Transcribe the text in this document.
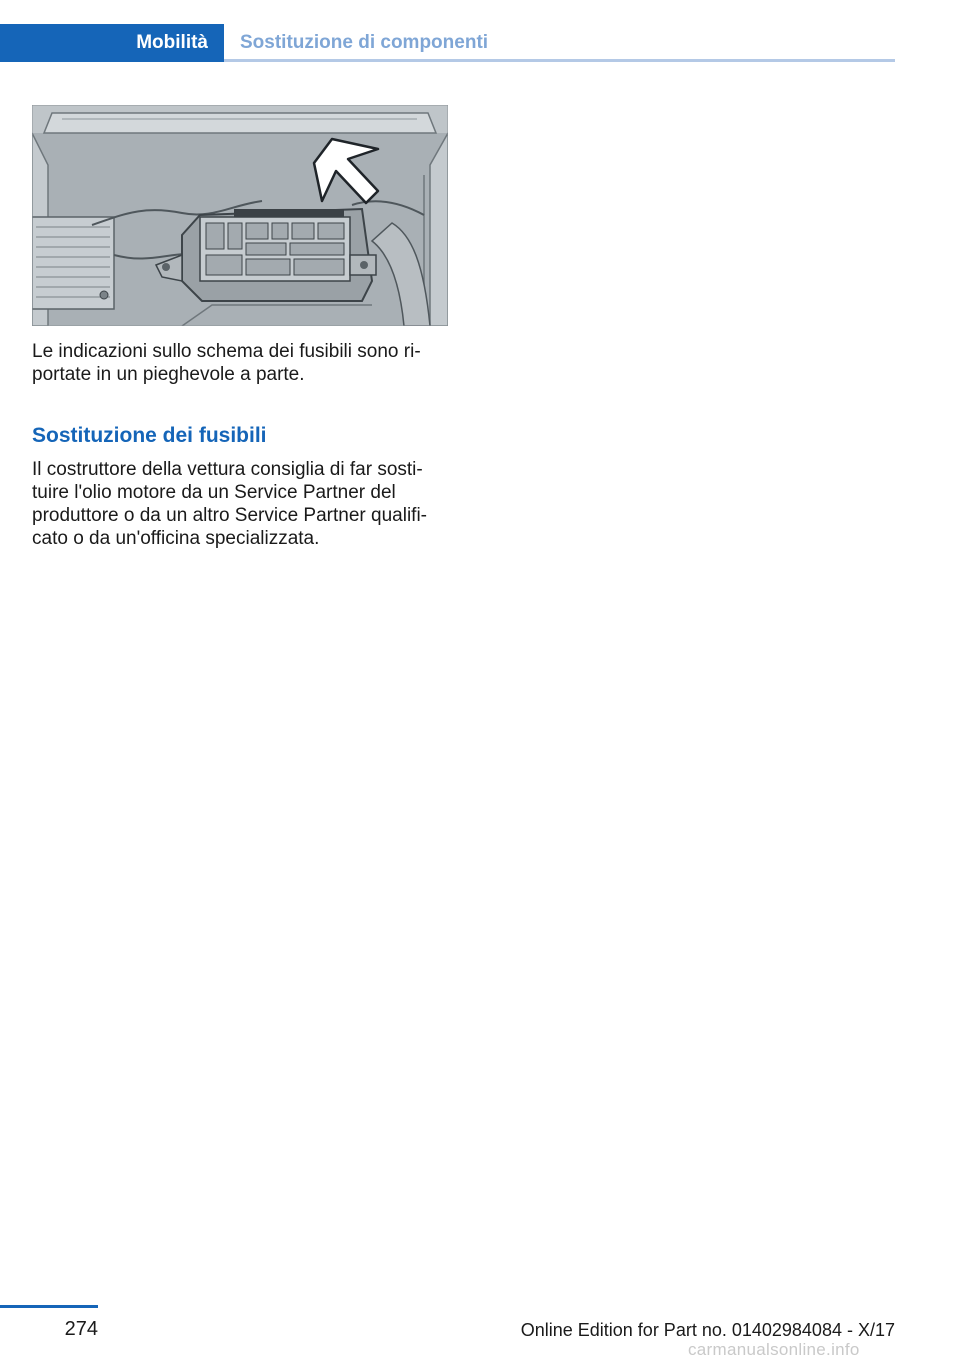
Mobilità Sostituzione di componenti

Le indicazioni sullo schema dei fusibili sono riportate in un pieghevole a parte.

Sostituzione dei fusibili

Il costruttore della vettura consiglia di far sostituire l'olio motore da un Service Partner del produttore o da un altro Service Partner qualificato o da un'officina specializzata.

274	Online Edition for Part no. 01402984084 - X/17
carmanualsonline.info
